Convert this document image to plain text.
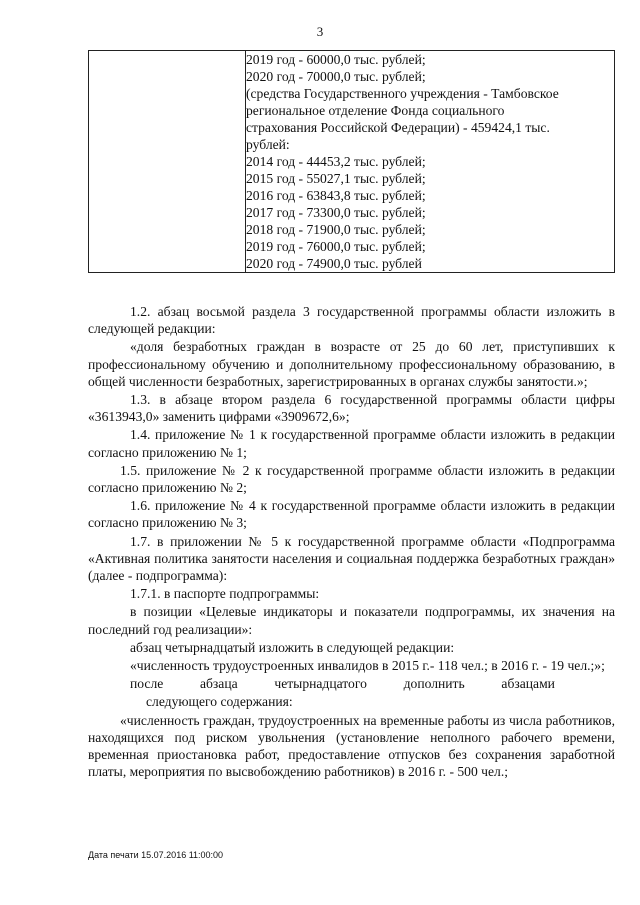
3

2019 год - 60000,0 тыс. рублей;
2020 год - 70000,0 тыс. рублей;
(средства Государственного учреждения - Тамбовское
региональное отделение Фонда социального
страхования Российской Федерации) - 459424,1 тыс.
рублей:
2014 год - 44453,2 тыс. рублей;
2015 год - 55027,1 тыс. рублей;
2016 год - 63843,8 тыс. рублей;
2017 год - 73300,0 тыс. рублей;
2018 год - 71900,0 тыс. рублей;
2019 год - 76000,0 тыс. рублей;
2020 год - 74900,0 тыс. рублей

1.2. абзац восьмой раздела 3 государственной программы области изложить в следующей редакции:

«доля безработных граждан в возрасте от 25 до 60 лет, приступивших к профессиональному обучению и дополнительному профессиональному образованию, в общей численности безработных, зарегистрированных в органах службы занятости.»;

1.3. в абзаце втором раздела 6 государственной программы области цифры «3613943,0» заменить цифрами «3909672,6»;

1.4. приложение № 1 к государственной программе области изложить в редакции согласно приложению № 1;

1.5. приложение № 2 к государственной программе области изложить в редакции согласно приложению № 2;

1.6. приложение № 4 к государственной программе области изложить в редакции согласно приложению № 3;

1.7. в приложении № 5 к государственной программе области «Подпрограмма «Активная политика занятости населения и социальная поддержка безработных граждан» (далее - подпрограмма):

1.7.1. в паспорте подпрограммы:

в позиции «Целевые индикаторы и показатели подпрограммы, их значения на последний год реализации»:

абзац четырнадцатый изложить в следующей редакции:

«численность трудоустроенных инвалидов в 2015 г.- 118 чел.; в 2016 г. - 19 чел.;»;

после	абзаца	четырнадцатого	дополнить	абзацами

следующего содержания:

«численность граждан, трудоустроенных на временные работы из числа работников, находящихся под риском увольнения (установление неполного рабочего времени, временная приостановка работ, предоставление отпусков без сохранения заработной платы, мероприятия по высвобождению работников) в 2016 г. - 500 чел.;

Дата печати 15.07.2016 11:00:00
